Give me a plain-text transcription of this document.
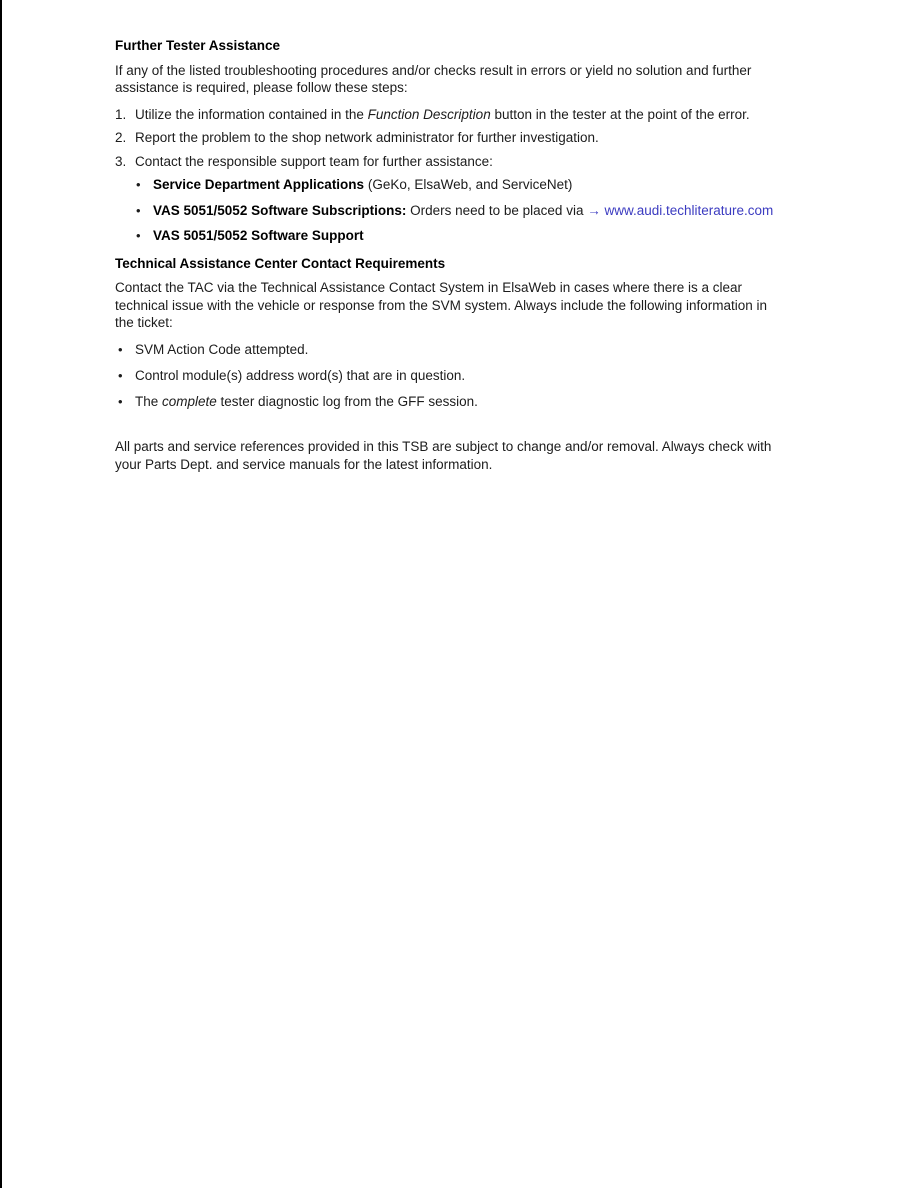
Further Tester Assistance

If any of the listed troubleshooting procedures and/or checks result in errors or yield no solution and further assistance is required, please follow these steps:

1. Utilize the information contained in the Function Description button in the tester at the point of the error.
2. Report the problem to the shop network administrator for further investigation.
3. Contact the responsible support team for further assistance:
• Service Department Applications (GeKo, ElsaWeb, and ServiceNet)
• VAS 5051/5052 Software Subscriptions: Orders need to be placed via → www.audi.techliterature.com
• VAS 5051/5052 Software Support
Technical Assistance Center Contact Requirements

Contact the TAC via the Technical Assistance Contact System in ElsaWeb in cases where there is a clear technical issue with the vehicle or response from the SVM system. Always include the following information in the ticket:

• SVM Action Code attempted.
• Control module(s) address word(s) that are in question.
• The complete tester diagnostic log from the GFF session.

All parts and service references provided in this TSB are subject to change and/or removal. Always check with your Parts Dept. and service manuals for the latest information.
